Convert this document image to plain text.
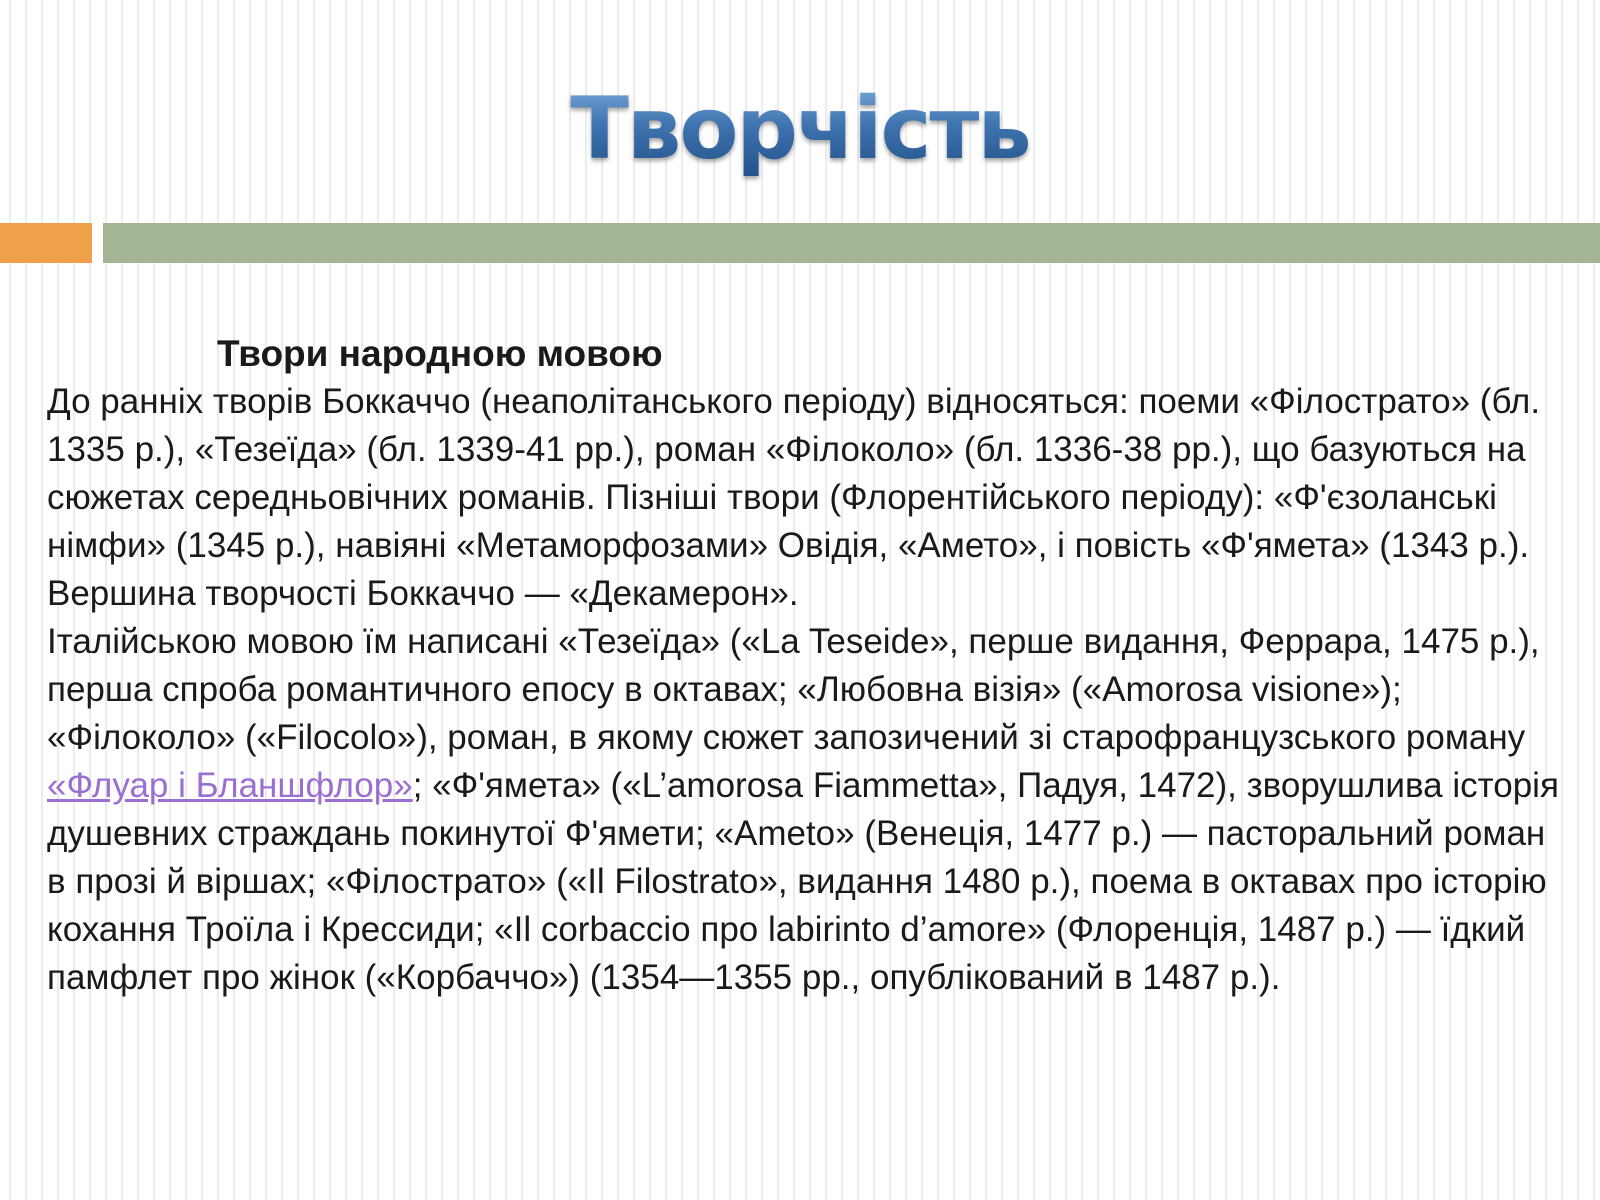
Творчість

Твори народною мовою

До ранніх творів Боккаччо (неаполітанського періоду) відносяться: поеми «Філострато» (бл. 1335 р.), «Тезеїда» (бл. 1339-41 рр.), роман «Філоколо» (бл. 1336-38 рр.), що базуються на сюжетах середньовічних романів. Пізніші твори (Флорентійського періоду): «Ф'єзоланські німфи» (1345 р.), навіяні «Метаморфозами» Овідія, «Амето», і повість «Ф'ямета» (1343 р.). Вершина творчості Боккаччо — «Декамерон».

Італійською мовою їм написані «Тезеїда» («La Teseide», перше видання, Феррара, 1475 р.), перша спроба романтичного епосу в октавах; «Любовна візія» («Amorosa visione»); «Філоколо» («Filocolo»), роман, в якому сюжет запозичений зі старофранцузського роману «Флуар і Бланшфлор»; «Ф'ямета» («L’amorosa Fiammetta», Падуя, 1472), зворушлива історія душевних страждань покинутої Ф'ямети; «Ameto» (Венеція, 1477 р.) — пасторальний роман в прозі й віршах; «Філострато» («Il Filostrato», видання 1480 р.), поема в октавах про історію кохання Троїла і Крессиди; «Il corbaccio про labirinto d’amore» (Флоренція, 1487 р.) — їдкий памфлет про жінок («Корбаччо») (1354—1355 рр., опублікований в 1487 р.).
